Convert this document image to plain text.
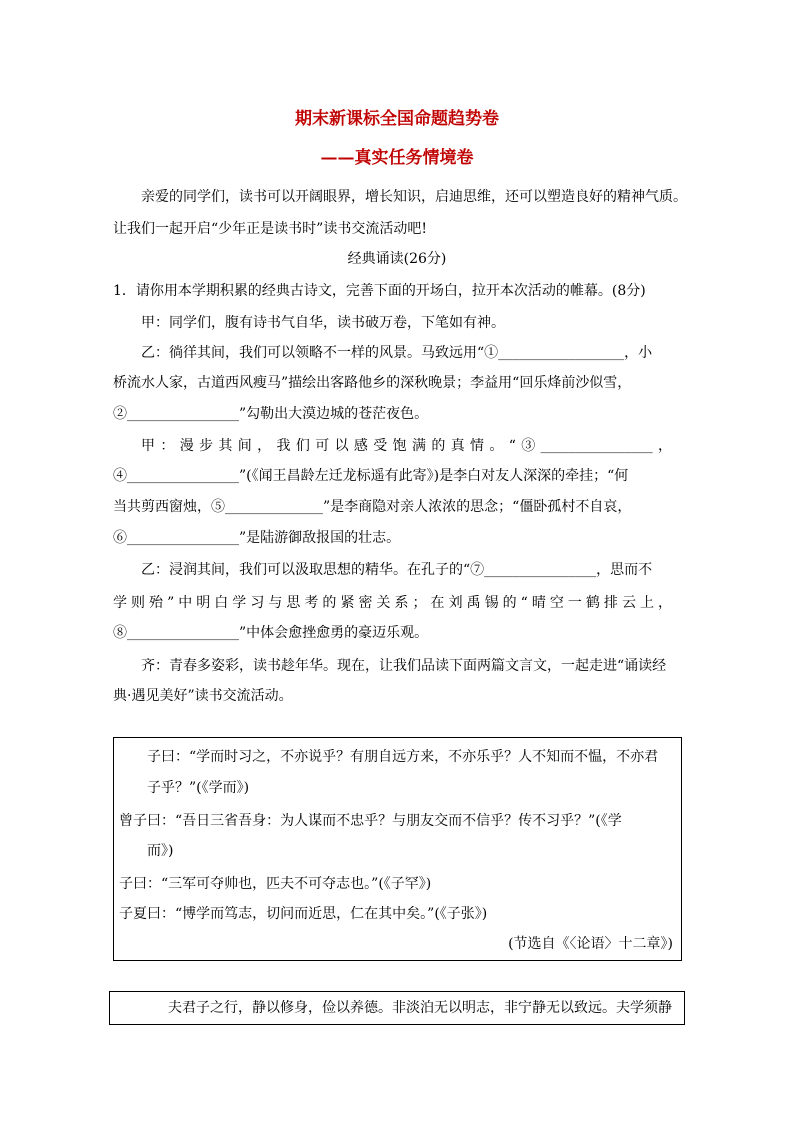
期末新课标全国命题趋势卷
——真实任务情境卷
亲爱的同学们，读书可以开阔眼界，增长知识，启迪思维，还可以塑造良好的精神气质。
让我们一起开启“少年正是读书时”读书交流活动吧!
经典诵读(26分)
1．请你用本学期积累的经典古诗文，完善下面的开场白，拉开本次活动的帷幕。(8分)
甲：同学们，腹有诗书气自华，读书破万卷，下笔如有神。
乙：徜徉其间，我们可以领略不一样的风景。马致远用“①__________________，小
桥流水人家，古道西风瘦马”描绘出客路他乡的深秋晚景；李益用“回乐烽前沙似雪，
②________________”勾勒出大漠边城的苍茫夜色。
甲：漫步其间，我们可以感受饱满的真情。“③________________，
④________________”(《闻王昌龄左迁龙标遥有此寄》)是李白对友人深深的牵挂；“何
当共剪西窗烛，⑤______________”是李商隐对亲人浓浓的思念；“僵卧孤村不自哀，
⑥________________”是陆游御敌报国的壮志。
乙：浸润其间，我们可以汲取思想的精华。在孔子的“⑦________________，思而不
学则殆”中明白学习与思考的紧密关系；在刘禹锡的“晴空一鹤排云上，
⑧________________”中体会愈挫愈勇的豪迈乐观。
齐：青春多姿彩，读书趁年华。现在，让我们品读下面两篇文言文，一起走进“诵读经
典·遇见美好”读书交流活动。
子曰：“学而时习之，不亦说乎？有朋自远方来，不亦乐乎？人不知而不愠，不亦君
子乎？”(《学而》)
曾子曰：“吾日三省吾身：为人谋而不忠乎？与朋友交而不信乎？传不习乎？”(《学
而》)
子曰：“三军可夺帅也，匹夫不可夺志也。”(《子罕》)
子夏曰：“博学而笃志，切问而近思，仁在其中矣。”(《子张》)
(节选自《〈论语〉十二章》)
夫君子之行，静以修身，俭以养德。非淡泊无以明志，非宁静无以致远。夫学须静
